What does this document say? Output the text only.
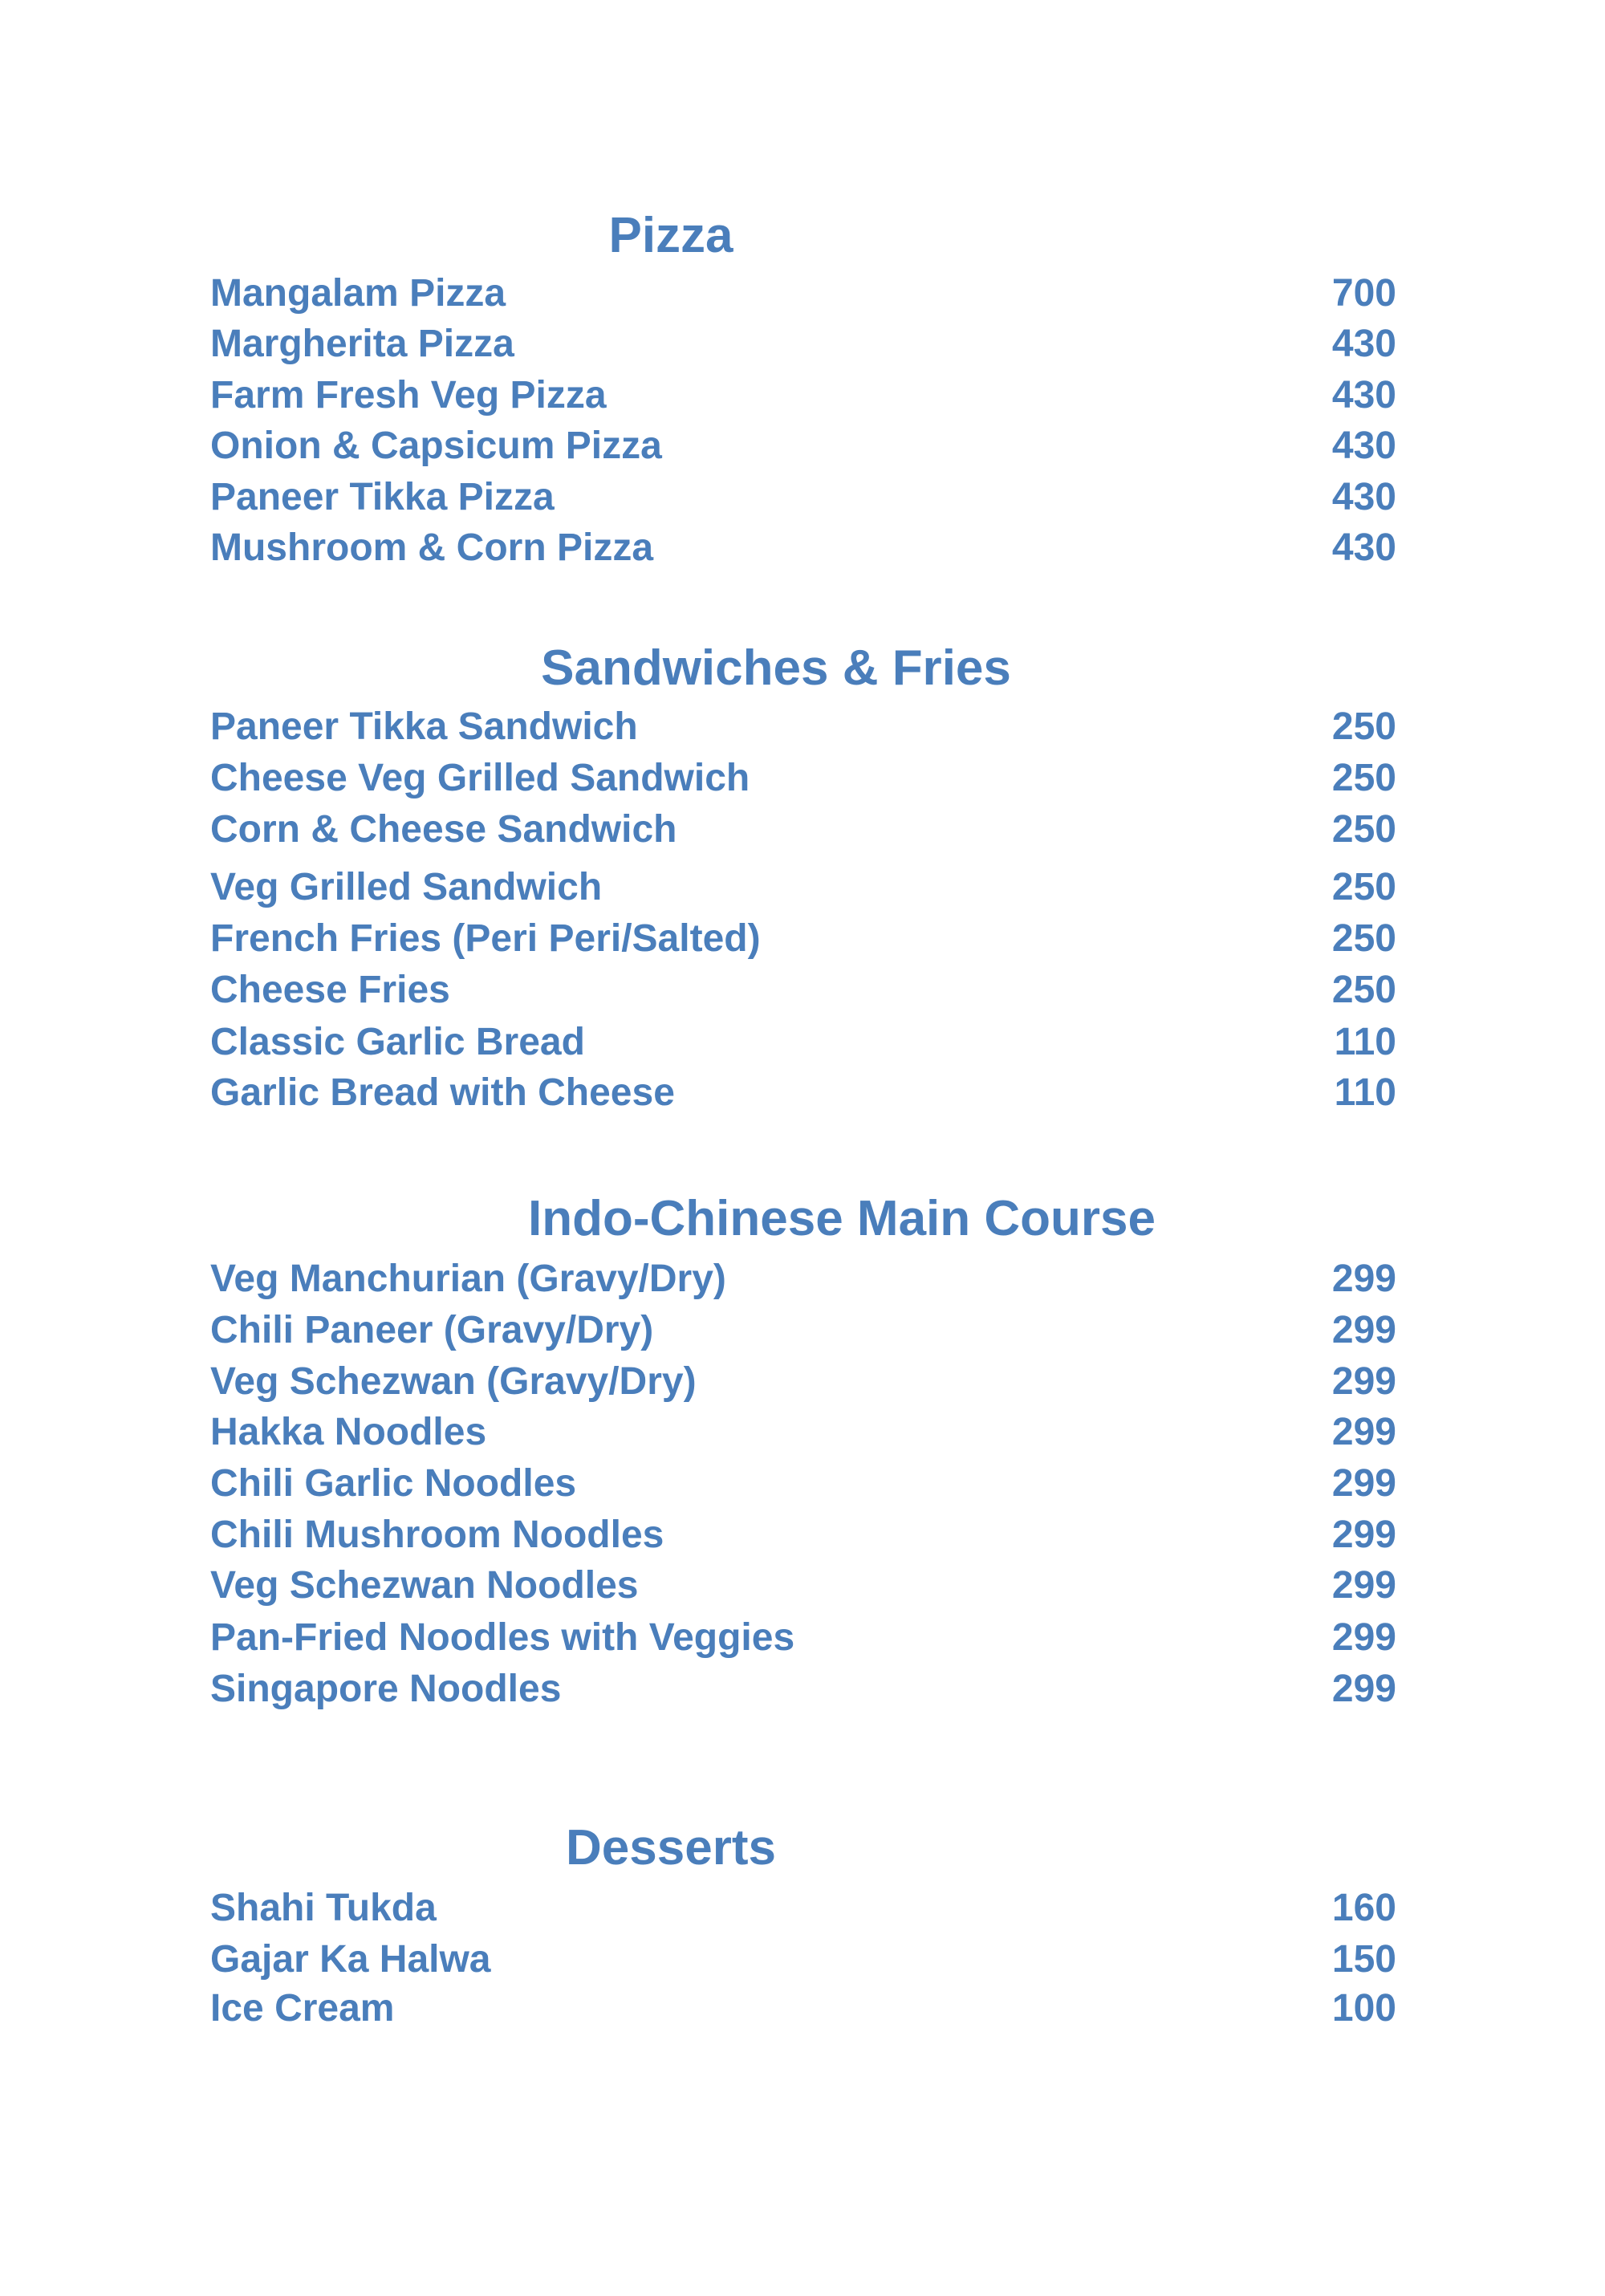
Pizza
Mangalam Pizza	700
Margherita Pizza	430
Farm Fresh Veg Pizza	430
Onion & Capsicum Pizza	430
Paneer Tikka Pizza	430
Mushroom & Corn Pizza	430
Sandwiches & Fries
Paneer Tikka Sandwich	250
Cheese Veg Grilled Sandwich	250
Corn & Cheese Sandwich	250
Veg Grilled Sandwich	250
French Fries (Peri Peri/Salted)	250
Cheese Fries	250
Classic Garlic Bread	110
Garlic Bread with Cheese	110
Indo-Chinese Main Course
Veg Manchurian (Gravy/Dry)	299
Chili Paneer (Gravy/Dry)	299
Veg Schezwan (Gravy/Dry)	299
Hakka Noodles	299
Chili Garlic Noodles	299
Chili Mushroom Noodles	299
Veg Schezwan Noodles	299
Pan-Fried Noodles with Veggies	299
Singapore Noodles	299
Desserts
Shahi Tukda	160
Gajar Ka Halwa	150
Ice Cream	100
